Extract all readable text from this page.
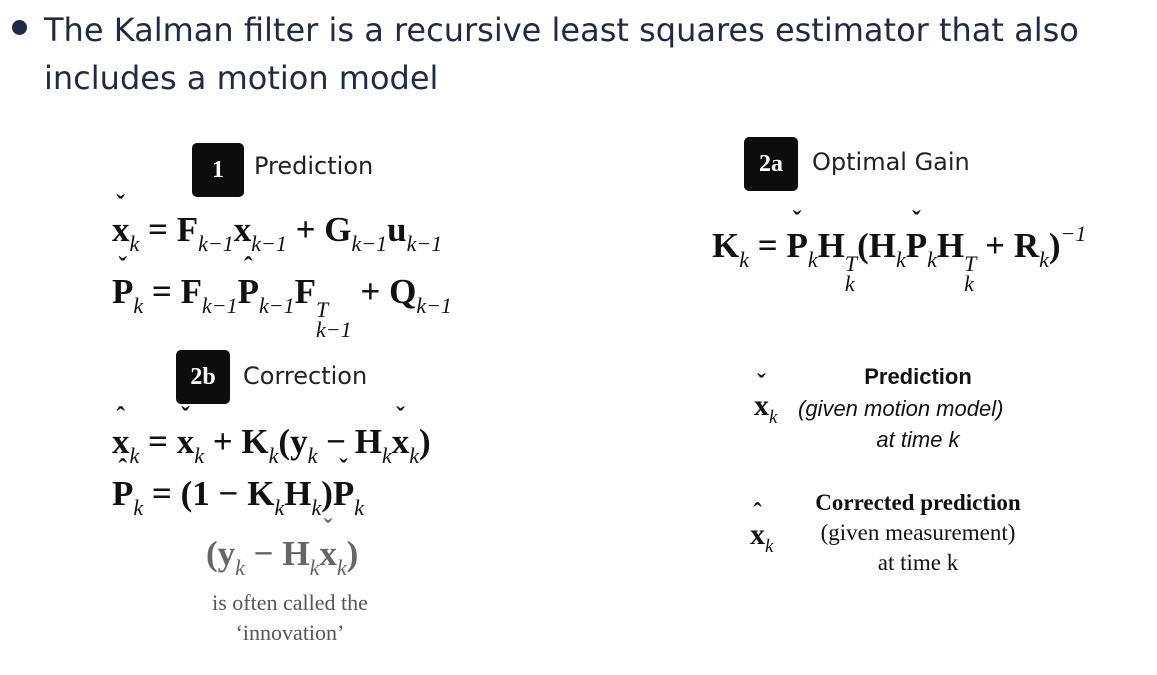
The Kalman filter is a recursive least squares estimator that also
includes a motion model
1	Prediction
ˇ $x_k = F_{k-1}x_{k-1} + G_{k-1}u_{k-1}$
ˇ $P_k$ = $F_{k-1}ˆ$ $P_{k-1}F$ T
k−1
+ $Q_{k-1}$
2a	Optimal Gain
$K_k$ = ˇ $P_kH$ T
k
($H_kˇ$ $P_kH$ T
k
+ $R_k)^{-1}$
2b	Correction
ˆ $x_k$ = ˇ $x_k + K_k(y_k$ − $H_kˇ$ $x_k$)
ˆ $P_k = (1$ − $K_kH_k)ˇ$ $P_k$
($y_k$ − $H_kˇ$ $x_k$)
is often called the
‘innovation’
ˇ $x_k$
Prediction
(given motion model)
at time k
ˆ $x_k$
Corrected prediction
(given measurement)
at time k
